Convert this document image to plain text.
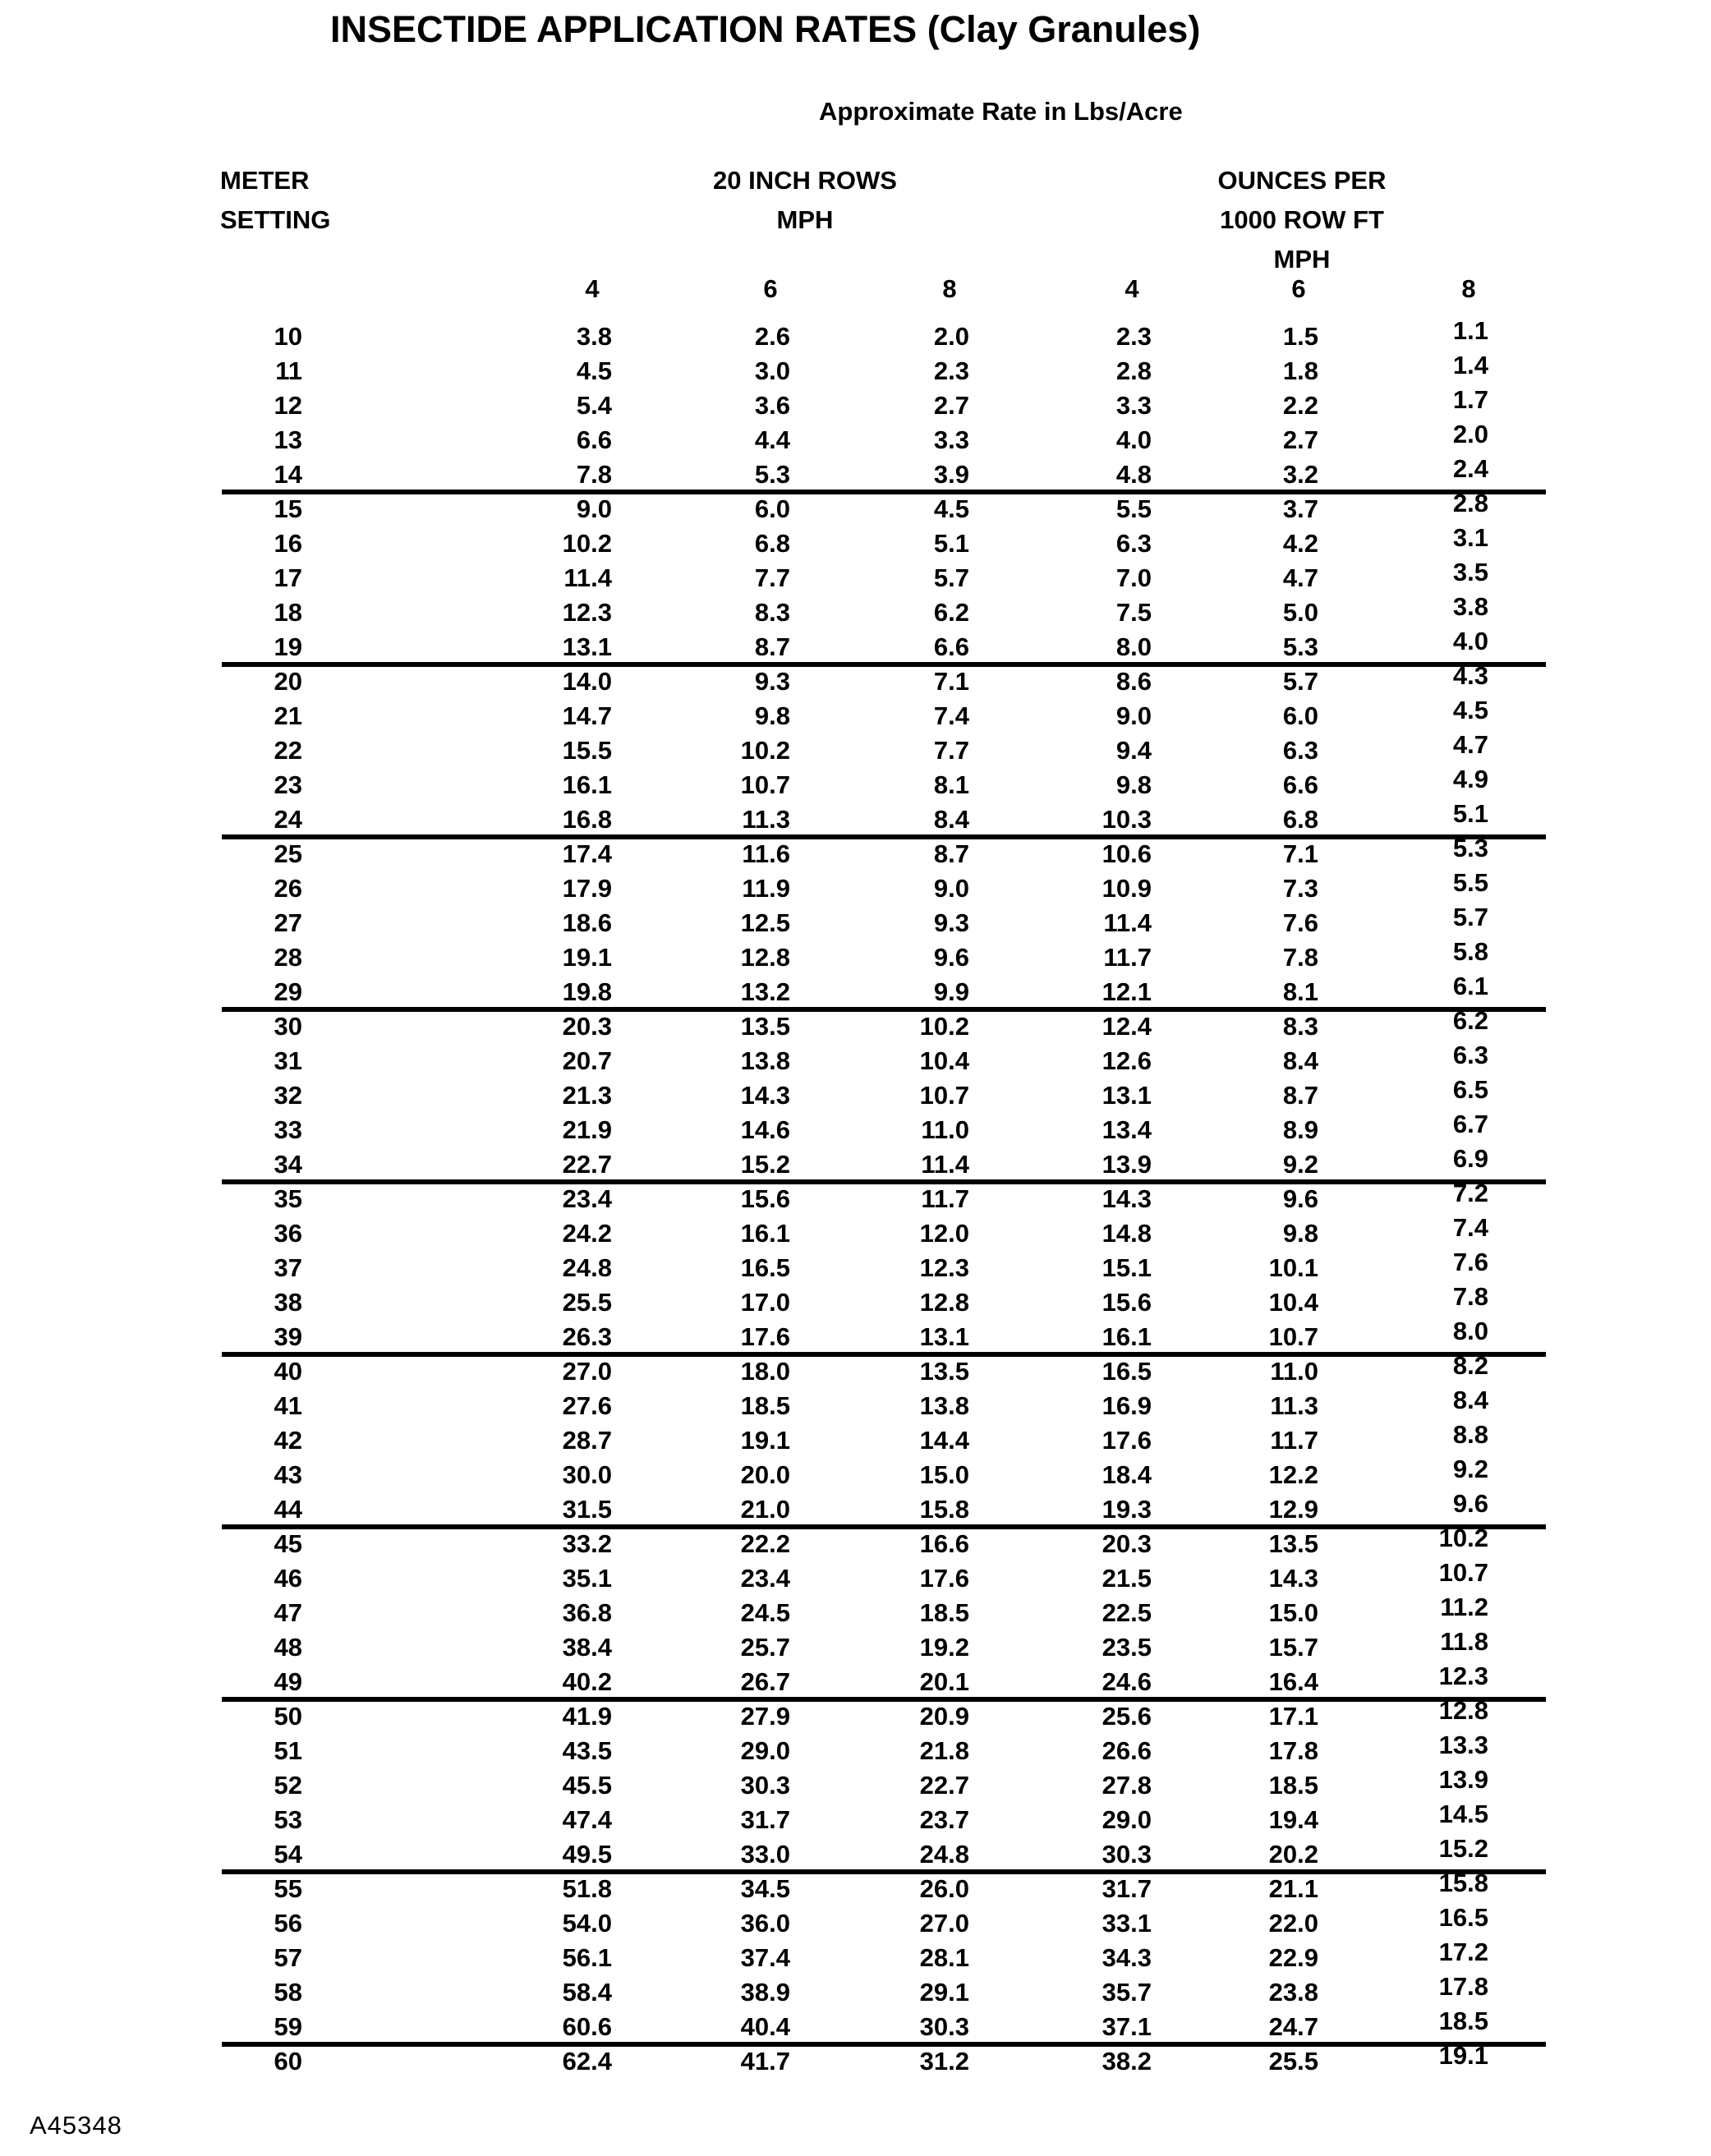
INSECTIDE APPLICATION RATES (Clay Granules)
Approximate Rate in Lbs/Acre
METER
SETTING
20 INCH ROWS
MPH
OUNCES PER
1000 ROW FT
MPH
4	6	8	4	6	8
10	3.8	2.6	2.0	2.3	1.5	1.1
11	4.5	3.0	2.3	2.8	1.8	1.4
12	5.4	3.6	2.7	3.3	2.2	1.7
13	6.6	4.4	3.3	4.0	2.7	2.0
14	7.8	5.3	3.9	4.8	3.2	2.4
15	9.0	6.0	4.5	5.5	3.7	2.8
16	10.2	6.8	5.1	6.3	4.2	3.1
17	11.4	7.7	5.7	7.0	4.7	3.5
18	12.3	8.3	6.2	7.5	5.0	3.8
19	13.1	8.7	6.6	8.0	5.3	4.0
20	14.0	9.3	7.1	8.6	5.7	4.3
21	14.7	9.8	7.4	9.0	6.0	4.5
22	15.5	10.2	7.7	9.4	6.3	4.7
23	16.1	10.7	8.1	9.8	6.6	4.9
24	16.8	11.3	8.4	10.3	6.8	5.1
25	17.4	11.6	8.7	10.6	7.1	5.3
26	17.9	11.9	9.0	10.9	7.3	5.5
27	18.6	12.5	9.3	11.4	7.6	5.7
28	19.1	12.8	9.6	11.7	7.8	5.8
29	19.8	13.2	9.9	12.1	8.1	6.1
30	20.3	13.5	10.2	12.4	8.3	6.2
31	20.7	13.8	10.4	12.6	8.4	6.3
32	21.3	14.3	10.7	13.1	8.7	6.5
33	21.9	14.6	11.0	13.4	8.9	6.7
34	22.7	15.2	11.4	13.9	9.2	6.9
35	23.4	15.6	11.7	14.3	9.6	7.2
36	24.2	16.1	12.0	14.8	9.8	7.4
37	24.8	16.5	12.3	15.1	10.1	7.6
38	25.5	17.0	12.8	15.6	10.4	7.8
39	26.3	17.6	13.1	16.1	10.7	8.0
40	27.0	18.0	13.5	16.5	11.0	8.2
41	27.6	18.5	13.8	16.9	11.3	8.4
42	28.7	19.1	14.4	17.6	11.7	8.8
43	30.0	20.0	15.0	18.4	12.2	9.2
44	31.5	21.0	15.8	19.3	12.9	9.6
45	33.2	22.2	16.6	20.3	13.5	10.2
46	35.1	23.4	17.6	21.5	14.3	10.7
47	36.8	24.5	18.5	22.5	15.0	11.2
48	38.4	25.7	19.2	23.5	15.7	11.8
49	40.2	26.7	20.1	24.6	16.4	12.3
50	41.9	27.9	20.9	25.6	17.1	12.8
51	43.5	29.0	21.8	26.6	17.8	13.3
52	45.5	30.3	22.7	27.8	18.5	13.9
53	47.4	31.7	23.7	29.0	19.4	14.5
54	49.5	33.0	24.8	30.3	20.2	15.2
55	51.8	34.5	26.0	31.7	21.1	15.8
56	54.0	36.0	27.0	33.1	22.0	16.5
57	56.1	37.4	28.1	34.3	22.9	17.2
58	58.4	38.9	29.1	35.7	23.8	17.8
59	60.6	40.4	30.3	37.1	24.7	18.5
60	62.4	41.7	31.2	38.2	25.5	19.1
A45348
